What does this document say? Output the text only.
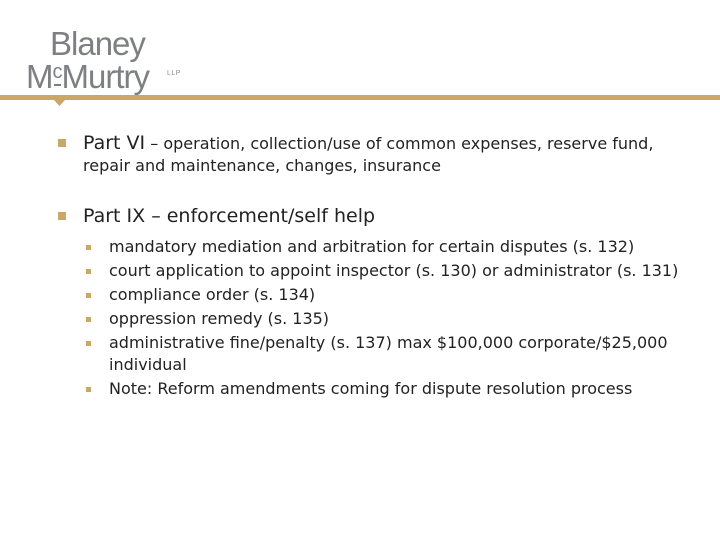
Blaney
$M^cMurtry$	LLP
Part VI – operation, collection/use of common expenses, reserve fund, repair and maintenance, changes, insurance
Part IX – enforcement/self help
mandatory mediation and arbitration for certain disputes (s. 132)
court application to appoint inspector (s. 130) or administrator (s. 131)
compliance order (s. 134)
oppression remedy (s. 135)
administrative fine/penalty (s. 137) max $100,000 corporate/$25,000 individual
Note: Reform amendments coming for dispute resolution process
